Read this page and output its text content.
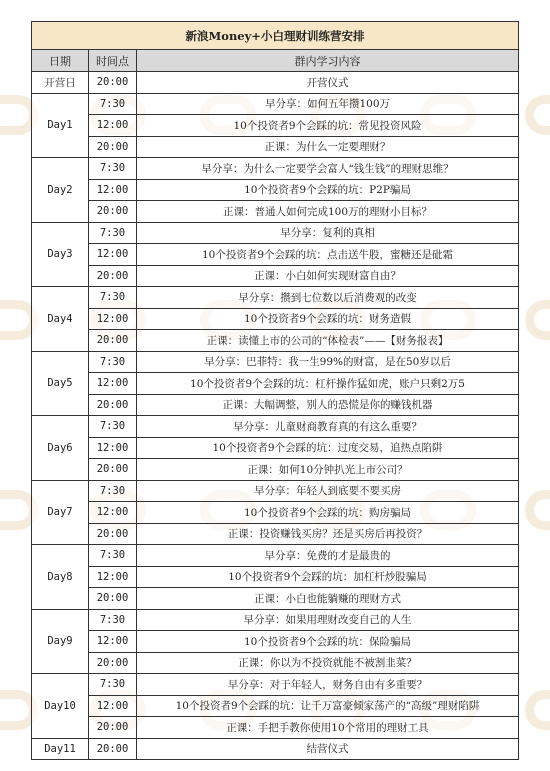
新浪Money+小白理财训练营安排		
日期	时间点	群内学习内容
开营日	20:00	开营仪式
Day1	7:30	早分享：如何五年攒100万
	12:00	10个投资者9个会踩的坑：常见投资风险
	20:00	正课：为什么一定要理财？
Day2	7:30	早分享：为什么一定要学会富人“钱生钱”的理财思维？
	12:00	10个投资者9个会踩的坑：P2P骗局
	20:00	正课：普通人如何完成100万的理财小目标？
Day3	7:30	早分享：复利的真相
	12:00	10个投资者9个会踩的坑：点击送牛股，蜜糖还是砒霜
	20:00	正课：小白如何实现财富自由？
Day4	7:30	早分享：攒到七位数以后消费观的改变
	12:00	10个投资者9个会踩的坑：财务造假
	20:00	正课：读懂上市的公司的“体检表”——【财务报表】
Day5	7:30	早分享：巴菲特：我一生99%的财富，是在50岁以后
	12:00	10个投资者9个会踩的坑：杠杆操作猛如虎，账户只剩2万5
	20:00	正课：大幅调整，别人的恐慌是你的赚钱机器
Day6	7:30	早分享：儿童财商教育真的有这么重要？
	12:00	10个投资者9个会踩的坑：过度交易，追热点陷阱
	20:00	正课：如何10分钟扒光上市公司？
Day7	7:30	早分享：年轻人到底要不要买房
	12:00	10个投资者9个会踩的坑：购房骗局
	20:00	正课：投资赚钱买房？还是买房后再投资？
Day8	7:30	早分享：免费的才是最贵的
	12:00	10个投资者9个会踩的坑：加杠杆炒股骗局
	20:00	正课：小白也能躺赚的理财方式
Day9	7:30	早分享：如果用理财改变自己的人生
	12:00	10个投资者9个会踩的坑：保险骗局
	20:00	正课：你以为不投资就能不被割韭菜？
Day10	7:30	早分享：对于年轻人，财务自由有多重要？
	12:00	10个投资者9个会踩的坑：让千万富豪倾家荡产的“高级”理财陷阱
	20:00	正课：手把手教你使用10个常用的理财工具
Day11	20:00	结营仪式
